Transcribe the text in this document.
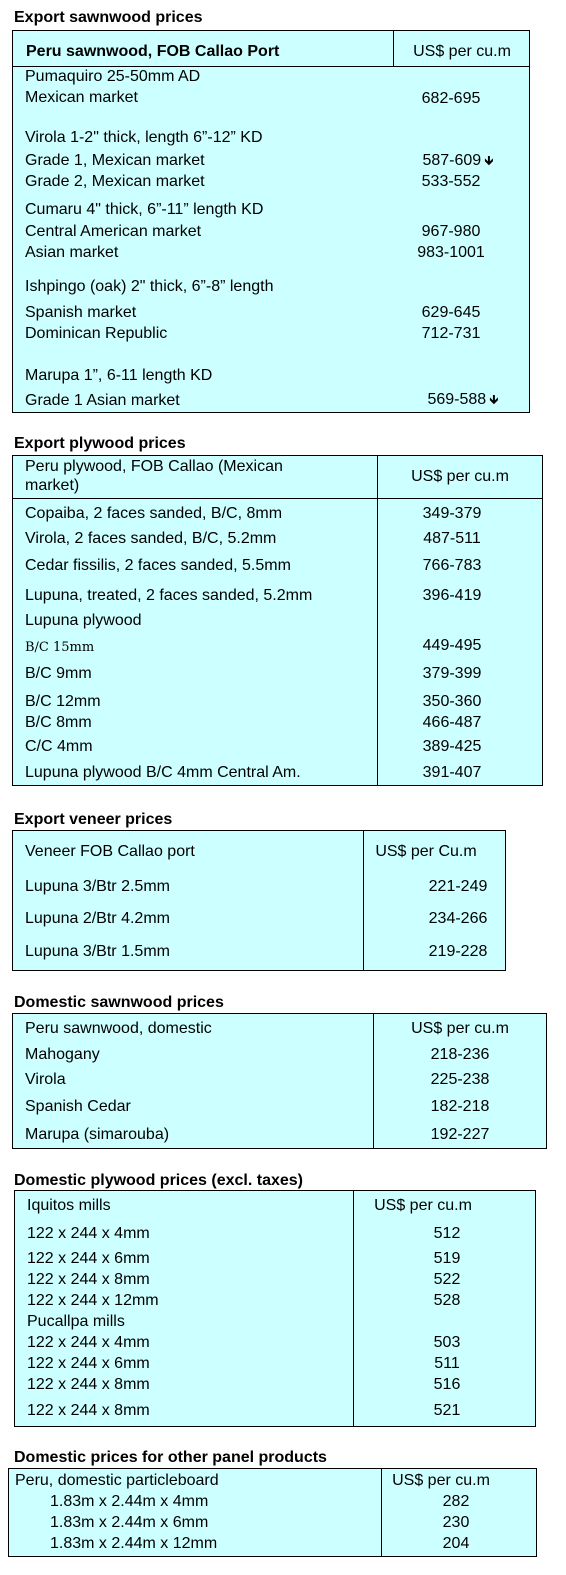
Export sawnwood prices
Peru sawnwood, FOB Callao Port	US$ per cu.m
Pumaquiro 25-50mm AD
Mexican market	682-695
Virola 1-2" thick, length 6”-12” KD
Grade 1, Mexican market	587-609 🡻
Grade 2, Mexican market	533-552
Cumaru 4" thick, 6”-11” length KD
Central American market	967-980
Asian market	983-1001
Ishpingo (oak) 2" thick, 6”-8” length
Spanish market	629-645
Dominican Republic	712-731
Marupa 1”, 6-11 length KD
Grade 1 Asian market	569-588 🡻
Export plywood prices
Peru plywood, FOB Callao (Mexican
market)
US$ per cu.m
Copaiba, 2 faces sanded, B/C, 8mm	349-379
Virola, 2 faces sanded, B/C, 5.2mm	487-511
Cedar fissilis, 2 faces sanded, 5.5mm	766-783
Lupuna, treated, 2 faces sanded, 5.2mm	396-419
Lupuna plywood
B/C 15mm	449-495
B/C 9mm	379-399
B/C 12mm	350-360
B/C 8mm	466-487
C/C 4mm	389-425
Lupuna plywood B/C 4mm Central Am.	391-407
Export veneer prices
Veneer FOB Callao port	US$ per Cu.m
Lupuna 3/Btr 2.5mm	221-249
Lupuna 2/Btr 4.2mm	234-266
Lupuna 3/Btr 1.5mm	219-228
Domestic sawnwood prices
Peru sawnwood, domestic	US$ per cu.m
Mahogany	218-236
Virola	225-238
Spanish Cedar	182-218
Marupa (simarouba)	192-227
Domestic plywood prices (excl. taxes)
Iquitos mills	US$ per cu.m
122 x 244 x 4mm	512
122 x 244 x 6mm	519
122 x 244 x 8mm	522
122 x 244 x 12mm	528
Pucallpa mills
122 x 244 x 4mm	503
122 x 244 x 6mm	511
122 x 244 x 8mm	516
122 x 244 x 8mm	521
Domestic prices for other panel products
Peru, domestic particleboard	US$ per cu.m
1.83m x 2.44m x 4mm	282
1.83m x 2.44m x 6mm	230
1.83m x 2.44m x 12mm	204
